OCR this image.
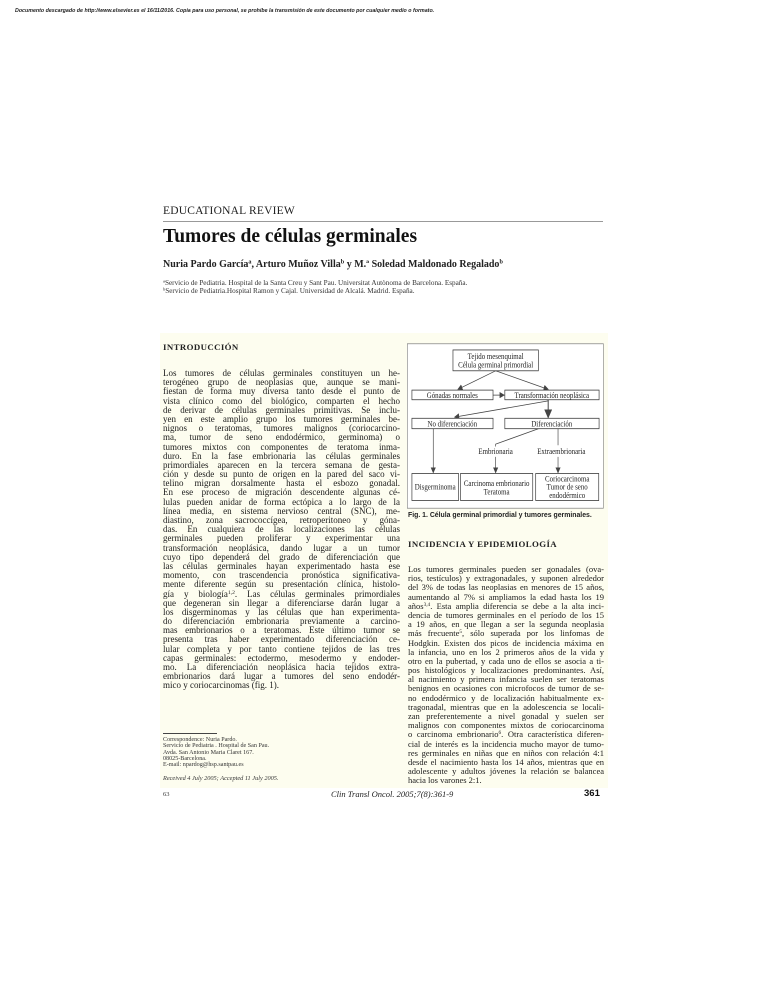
Documento descargado de http://www.elsevier.es el 16/11/2016. Copia para uso personal, se prohíbe la transmisión de este documento por cualquier medio o formato.
EDUCATIONAL REVIEW
Tumores de células germinales
Nuria Pardo García$^a$, Arturo Muñoz Villa$^b$ y M.ª Soledad Maldonado Regalado$^b$
$^a$Servicio de Pediatria. Hospital de la Santa Creu y Sant Pau. Universitat Autònoma de Barcelona. España.
$^b$Servicio de Pediatria.Hospital Ramon y Cajal. Universidad de Alcalá. Madrid. España.
INTRODUCCIÓN
Los tumores de células germinales constituyen un he-
terogéneo grupo de neoplasias que, aunque se mani-
fiestan de forma muy diversa tanto desde el punto de
vista clínico como del biológico, comparten el hecho
de derivar de células germinales primitivas. Se inclu-
yen en este amplio grupo los tumores germinales be-
nignos o teratomas, tumores malignos (coriocarcino-
ma, tumor de seno endodérmico, germinoma) o
tumores mixtos con componentes de teratoma inma-
duro. En la fase embrionaria las células germinales
primordiales aparecen en la tercera semana de gesta-
ción y desde su punto de origen en la pared del saco vi-
telino migran dorsalmente hasta el esbozo gonadal.
En ese proceso de migración descendente algunas cé-
lulas pueden anidar de forma ectópica a lo largo de la
línea media, en sistema nervioso central (SNC), me-
diastino, zona sacrococcígea, retroperitoneo y góna-
das. En cualquiera de las localizaciones las células
germinales pueden proliferar y experimentar una
transformación neoplásica, dando lugar a un tumor
cuyo tipo dependerá del grado de diferenciación que
las células germinales hayan experimentado hasta ese
momento, con trascendencia pronóstica significativa-
mente diferente según su presentación clínica, histolo-
gía y biología$^{1,2}$. Las células germinales primordiales
que degeneran sin llegar a diferenciarse darán lugar a
los disgerminomas y las células que han experimenta-
do diferenciación embrionaria previamente a carcino-
mas embrionarios o a teratomas. Este último tumor se
presenta tras haber experimentado diferenciación ce-
lular completa y por tanto contiene tejidos de las tres
capas germinales: ectodermo, mesodermo y endoder-
mo. La diferenciación neoplásica hacia tejidos extra-
embrionarios dará lugar a tumores del seno endodér-
mico y coriocarcinomas (fig. 1).
Tejido mesenquimal
Célula germinal primordial
Gónadas normales Transformación neoplásica
No diferenciación	Diferenciación
Embrionaria Extraembrionaria
Disgerminoma Carcinoma embrionario
Teratoma
Coriocarcinoma
Tumor de seno
endodérmico
Fig. 1. Célula germinal primordial y tumores germinales.
INCIDENCIA Y EPIDEMIOLOGÍA
Los tumores germinales pueden ser gonadales (ova-
rios, testículos) y extragonadales, y suponen alrededor
del 3% de todas las neoplasias en menores de 15 años,
aumentando al 7% si ampliamos la edad hasta los 19
años$^{3,4}$. Esta amplia diferencia se debe a la alta inci-
dencia de tumores germinales en el período de los 15
a 19 años, en que llegan a ser la segunda neoplasia
más frecuente$^5$, sólo superada por los linfomas de
Hodgkin. Existen dos picos de incidencia máxima en
la infancia, uno en los 2 primeros años de la vida y
otro en la pubertad, y cada uno de ellos se asocia a ti-
pos histológicos y localizaciones predominantes. Así,
al nacimiento y primera infancia suelen ser teratomas
benignos en ocasiones con microfocos de tumor de se-
no endodérmico y de localización habitualmente ex-
tragonadal, mientras que en la adolescencia se locali-
zan preferentemente a nivel gonadal y suelen ser
malignos con componentes mixtos de coriocarcinoma
o carcinoma embrionario$^6$. Otra característica diferen-
cial de interés es la incidencia mucho mayor de tumo-
res germinales en niñas que en niños con relación 4:1
desde el nacimiento hasta los 14 años, mientras que en
adolescente y adultos jóvenes la relación se balancea
hacia los varones 2:1.
Correspondence: Nuria Pardo.
Servicio de Pediatria . Hospital de San Pau.
Avda. San Antonio Maria Claret 167.
08025-Barcelona.
E-mail: npardog@hsp.santpau.es
Received 4 July 2005; Accepted 11 July 2005.
63	Clin Transl Oncol. 2005;7(8):361-9	361
